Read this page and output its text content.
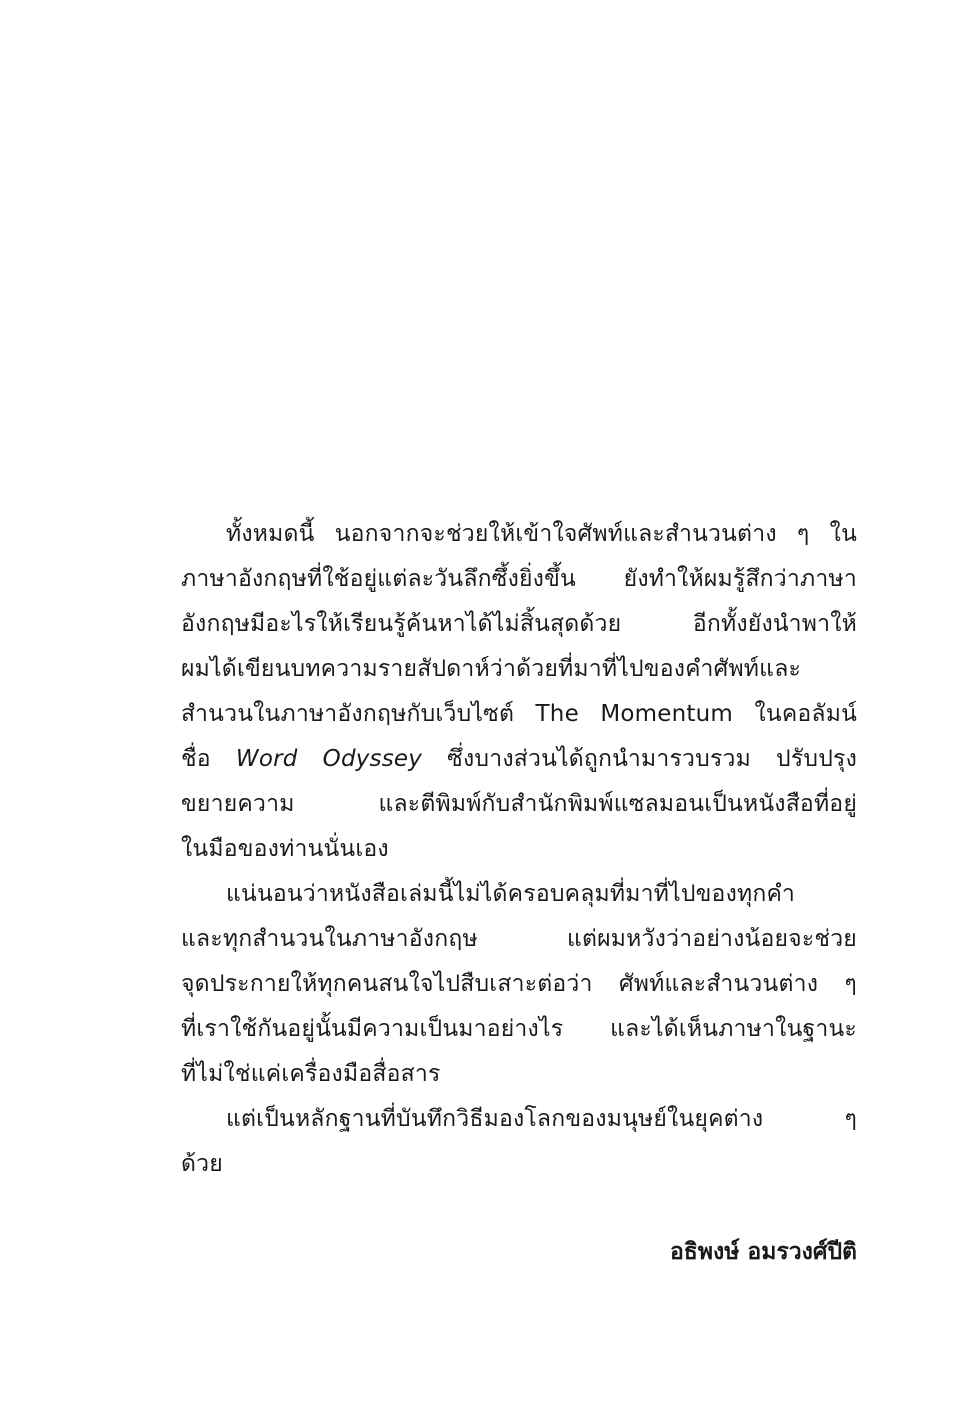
ทั้งหมดนี้ นอกจากจะช่วยให้เข้าใจศัพท์และสำนวนต่าง ๆ ใน
ภาษาอังกฤษที่ใช้อยู่แต่ละวันลึกซึ้งยิ่งขึ้น ยังทำให้ผมรู้สึกว่าภาษา
อังกฤษมีอะไรให้เรียนรู้ค้นหาได้ไม่สิ้นสุดด้วย อีกทั้งยังนำพาให้
ผมได้เขียนบทความรายสัปดาห์ว่าด้วยที่มาที่ไปของคำศัพท์และ
สำนวนในภาษาอังกฤษกับเว็บไซต์ The Momentum ในคอลัมน์
ชื่อ Word Odyssey ซึ่งบางส่วนได้ถูกนำมารวบรวม ปรับปรุง
ขยายความ และตีพิมพ์กับสำนักพิมพ์แซลมอนเป็นหนังสือที่อยู่
ในมือของท่านนั่นเอง
แน่นอนว่าหนังสือเล่มนี้ไม่ได้ครอบคลุมที่มาที่ไปของทุกคำ
และทุกสำนวนในภาษาอังกฤษ แต่ผมหวังว่าอย่างน้อยจะช่วย
จุดประกายให้ทุกคนสนใจไปสืบเสาะต่อว่า ศัพท์และสำนวนต่าง ๆ
ที่เราใช้กันอยู่นั้นมีความเป็นมาอย่างไร และได้เห็นภาษาในฐานะ
ที่ไม่ใช่แค่เครื่องมือสื่อสาร
แต่เป็นหลักฐานที่บันทึกวิธีมองโลกของมนุษย์ในยุคต่าง ๆ
ด้วย
อธิพงษ์ อมรวงศ์ปีติ
